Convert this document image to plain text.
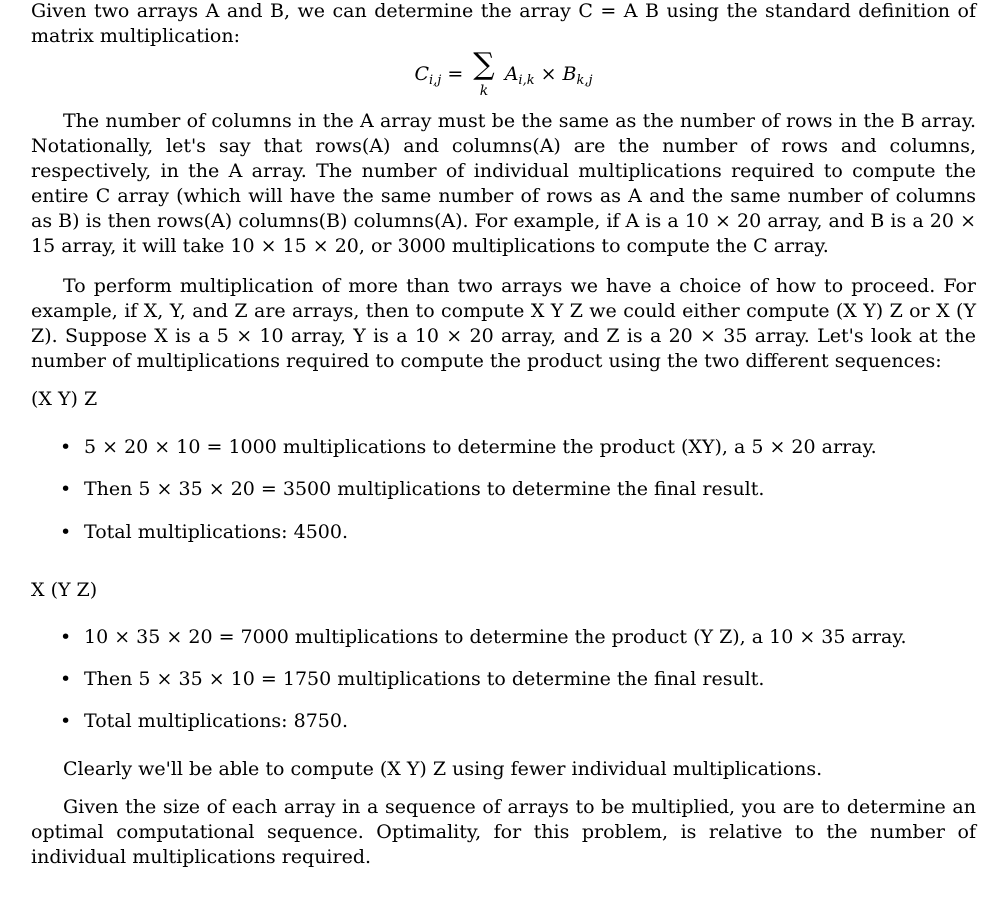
Given two arrays A and B, we can determine the array C = A B using the standard definition of matrix multiplication:

$C_{i,j}$ = ∑
k
$A_{i,k} \times B_{k,j}$

The number of columns in the A array must be the same as the number of rows in the B array. Notationally, let's say that rows(A) and columns(A) are the number of rows and columns, respectively, in the A array. The number of individual multiplications required to compute the entire C array (which will have the same number of rows as A and the same number of columns as B) is then rows(A) columns(B) columns(A). For example, if A is a 10 × 20 array, and B is a 20 × 15 array, it will take 10 × 15 × 20, or 3000 multiplications to compute the C array.

To perform multiplication of more than two arrays we have a choice of how to proceed. For example, if X, Y, and Z are arrays, then to compute X Y Z we could either compute (X Y) Z or X (Y Z). Suppose X is a 5 × 10 array, Y is a 10 × 20 array, and Z is a 20 × 35 array. Let's look at the number of multiplications required to compute the product using the two different sequences:

(X Y) Z
• 5 × 20 × 10 = 1000 multiplications to determine the product (XY), a 5 × 20 array.
• Then 5 × 35 × 20 = 3500 multiplications to determine the final result.
• Total multiplications: 4500.
X (Y Z)
• 10 × 35 × 20 = 7000 multiplications to determine the product (Y Z), a 10 × 35 array.
• Then 5 × 35 × 10 = 1750 multiplications to determine the final result.
• Total multiplications: 8750.

Clearly we'll be able to compute (X Y) Z using fewer individual multiplications.

Given the size of each array in a sequence of arrays to be multiplied, you are to determine an optimal computational sequence. Optimality, for this problem, is relative to the number of individual multiplications required.
